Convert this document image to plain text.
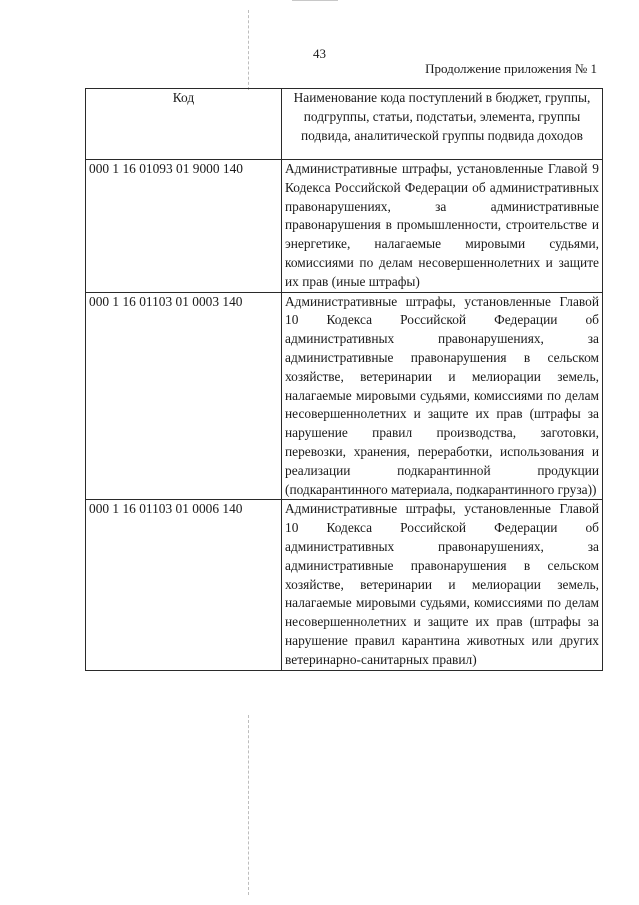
43
Продолжение приложения № 1
Код	Наименование кода поступлений в бюджет, группы, подгруппы, статьи, подстатьи, элемента, группы подвида, аналитической группы подвида доходов
000 1 16 01093 01 9000 140	Административные штрафы, установленные Главой 9 Кодекса Российской Федерации об административных правонарушениях, за административные правонарушения в промышленности, строительстве и энергетике, налагаемые мировыми судьями, комиссиями по делам несовершеннолетних и защите их прав (иные штрафы)
000 1 16 01103 01 0003 140	Административные штрафы, установленные Главой 10 Кодекса Российской Федерации об административных правонарушениях, за административные правонарушения в сельском хозяйстве, ветеринарии и мелиорации земель, налагаемые мировыми судьями, комиссиями по делам несовершеннолетних и защите их прав (штрафы за нарушение правил производства, заготовки, перевозки, хранения, переработки, использования и реализации подкарантинной продукции (подкарантинного материала, подкарантинного груза))
000 1 16 01103 01 0006 140	Административные штрафы, установленные Главой 10 Кодекса Российской Федерации об административных правонарушениях, за административные правонарушения в сельском хозяйстве, ветеринарии и мелиорации земель, налагаемые мировыми судьями, комиссиями по делам несовершеннолетних и защите их прав (штрафы за нарушение правил карантина животных или других ветеринарно-санитарных правил)
